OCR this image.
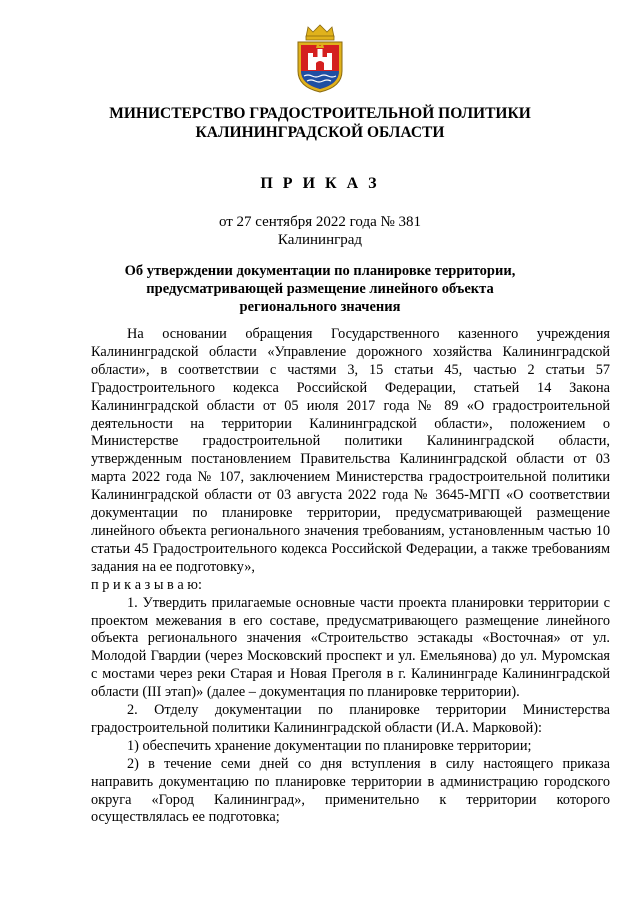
МИНИСТЕРСТВО ГРАДОСТРОИТЕЛЬНОЙ ПОЛИТИКИ
КАЛИНИНГРАДСКОЙ ОБЛАСТИ
П Р И К А З
от 27 сентября 2022 года № 381
Калининград
Об утверждении документации по планировке территории,
предусматривающей размещение линейного объекта
регионального значения

На основании обращения Государственного казенного учреждения Калининградской области «Управление дорожного хозяйства Калининградской области», в соответствии с частями 3, 15 статьи 45, частью 2 статьи 57 Градостроительного кодекса Российской Федерации, статьей 14 Закона Калининградской области от 05 июля 2017 года № 89 «О градостроительной деятельности на территории Калининградской области», положением о Министерстве градостроительной политики Калининградской области, утвержденным постановлением Правительства Калининградской области от 03 марта 2022 года № 107, заключением Министерства градостроительной политики Калининградской области от 03 августа 2022 года № 3645-МГП «О соответствии документации по планировке территории, предусматривающей размещение линейного объекта регионального значения требованиям, установленным частью 10 статьи 45 Градостроительного кодекса Российской Федерации, а также требованиям задания на ее подготовку»,

п р и к а з ы в а ю:

1. Утвердить прилагаемые основные части проекта планировки территории с проектом межевания в его составе, предусматривающего размещение линейного объекта регионального значения «Строительство эстакады «Восточная» от ул. Молодой Гвардии (через Московский проспект и ул. Емельянова) до ул. Муромская с мостами через реки Старая и Новая Преголя в г. Калининграде Калининградской области (III этап)» (далее – документация по планировке территории).

2. Отделу документации по планировке территории Министерства градостроительной политики Калининградской области (И.А. Марковой):

1) обеспечить хранение документации по планировке территории;

2) в течение семи дней со дня вступления в силу настоящего приказа направить документацию по планировке территории в администрацию городского округа «Город Калининград», применительно к территории которого осуществлялась ее подготовка;
